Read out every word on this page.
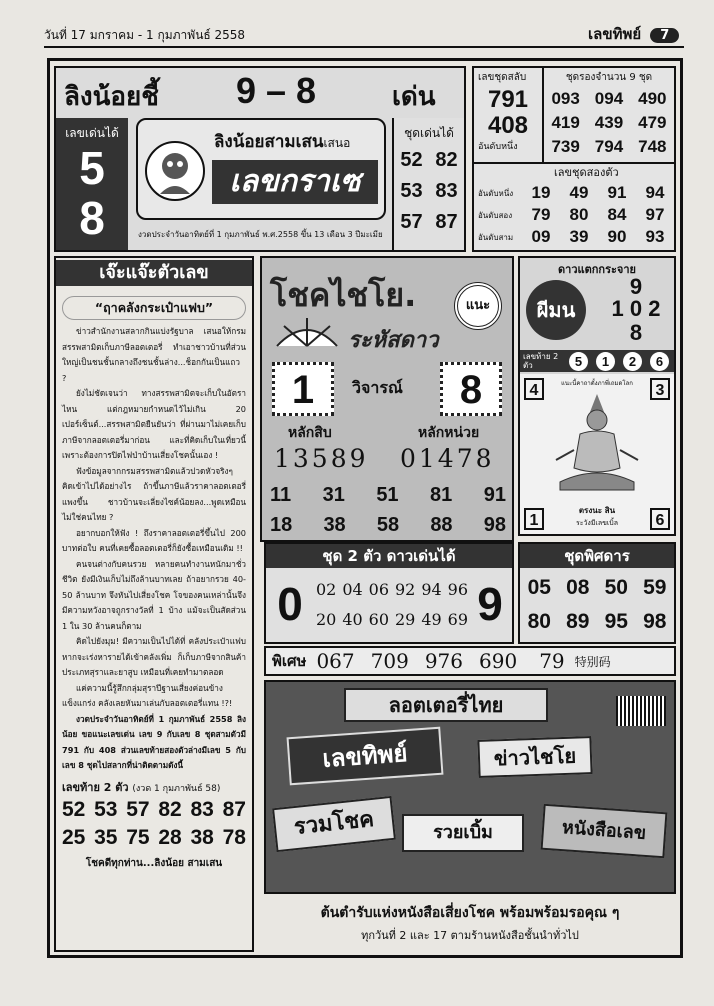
วันที่ 17 มกราคม - 1 กุมภาพันธ์ 2558	เลขทิพย์ 7
ลิงน้อยชี้ 9 – 8	เด่น
เลขเด่นได้
5
8
ลิงน้อยสามเสนเสนอ
เลขกราเซ
ชุดเด่นได้
52 82
53 83
57 87
งวดประจำวันอาทิตย์ที่ 1 กุมภาพันธ์ พ.ศ.2558 ขึ้น 13 เดือน 3 ปีมะเมีย
เลขชุดสลับ
791
408
อันดับหนึ่ง
ชุดรองจำนวน 9 ชุด
093 094 490
419 439 479
739 794 748
เลขชุดสองตัว
อันดับหนึ่ง	19 49 91 94
อันดับสอง	79 80 84 97
อันดับสาม	09 39 90 93
เจ๊ะแจ๊ะตัวเลข
“ฤาคลังกระเป๋าแฟบ”

ข่าวสำนักงานสลากกินแบ่งรัฐบาล เสนอให้กรมสรรพสามิตเก็บภาษีลอตเตอรี่ ทำเอาชาวบ้านที่ส่วนใหญ่เป็นชนชั้นกลางถึงชนชั้นล่าง...ช็อกกันเป็นแถว ?

ยังไม่ชัดเจนว่า ทางสรรพสามิตจะเก็บในอัตราไหน แต่กฎหมายกำหนดไว้ไม่เกิน 20 เปอร์เซ็นต์...สรรพสามิตยืนยันว่า ที่ผ่านมาไม่เคยเก็บภาษีจากลอตเตอรี่มาก่อน และที่คิดเก็บในเที่ยวนี้ เพราะต้องการปิดไฟป่าบ้านเสี่ยงโชคนั้นเอง !

ฟังข้อมูลจากกรมสรรพสามิตแล้วปวดหัวจริงๆ คิดเข้าไปได้อย่างไร ถ้าขึ้นภาษีแล้วราคาลอตเตอรี่แพงขึ้น ชาวบ้านจะเลี่ยงไซค์น้อยลง...พูดเหมือนไม่ใช่คนไทย ?

อยากบอกให้ฟัง ! ถึงราคาลอตเตอรี่ขึ้นไป 200 บาทต่อใบ คนที่เคยซื้อลอตเตอรี่ก็ยังซื้อเหมือนเดิม !!

คนจนต่างกับคนรวย หลายคนทำงานหนักมาชั่วชีวิต ยังมีเงินเก็บไม่ถึงล้านบาทเลย ถ้าอยากรวย 40-50 ล้านบาท จึงหันไปเสี่ยงโชค โจของคนเหล่านั้นจึงมีความหวังอาจถูกรางวัลที่ 1 บ้าง แม้จะเป็นสัดส่วน 1 ใน 30 ล้านคนก็ตาม

คิดไปยังมุม! มีความเป็นไปได้ที่ คลังประเป๋าแฟบ หากจะเร่งหารายได้เข้าคลังเพิ่ม ก็เก็บภาษีจากสินค้าประเภทสุราและยาสูบ เหมือนที่เคยทำมาตลอด

แค่ความนี้รู้สึกกลุ่มสุราปีฐานเสี่ยงค่อนข้างแข็งแกร่ง คลังเลยหันมาเล่นกับลอตเตอรี่แทน !?!

งวดประจำวันอาทิตย์ที่ 1 กุมภาพันธ์ 2558 ลิงน้อย ขอแนะเลขเด่น เลข 9 กับเลข 8 ชุดสามตัวมี 791 กับ 408 ส่วนเลขท้ายสองตัวล่างมีเลข 5 กับเลข 8 ชุดไปสลากที่น่าติดตามดังนี้

เลขท้าย 2 ตัว (งวด 1 กุมภาพันธ์ 58)
52 53 57 82 83 87
25 35 75 28 38 78
โชคดีทุกท่าน...ลิงน้อย สามเสน
โชคไชโย.	แนะ
ระหัสดาว
1	วิจารณ์	8
หลักสิบ	หลักหน่วย
13589 01478
11 31 51 81 91
18 38 58 88 98
ดาวแตกกระจาย
ผีมน
9
1 0 2
8
เลขท้าย 2 ตัว	5	1	2	6
4	3
แนะนี้คาถาตั้งภาพี่เถมดโลก
1	6
ตรงนะ สิน
ระวังมีเลขเบิ้ล
ชุด 2 ตัว ดาวเด่นได้
0 02 04 06 92 94 96
20 40 60 29 49 69 9
ชุดพิศดาร
05 08 50 59
80 89 95 98
พิเศษ 067 709 976 690 79 特别码
ลอตเตอรี่ไทย
เลขทิพย์	ข่าวไชโย
รวมโชค	รวยเบิ้ม	หนังสือเลข
ต้นตำรับแห่งหนังสือเสี่ยงโชค พร้อมพร้อมรอคุณ ๆ
ทุกวันที่ 2 และ 17 ตามร้านหนังสือชั้นนำทั่วไป
